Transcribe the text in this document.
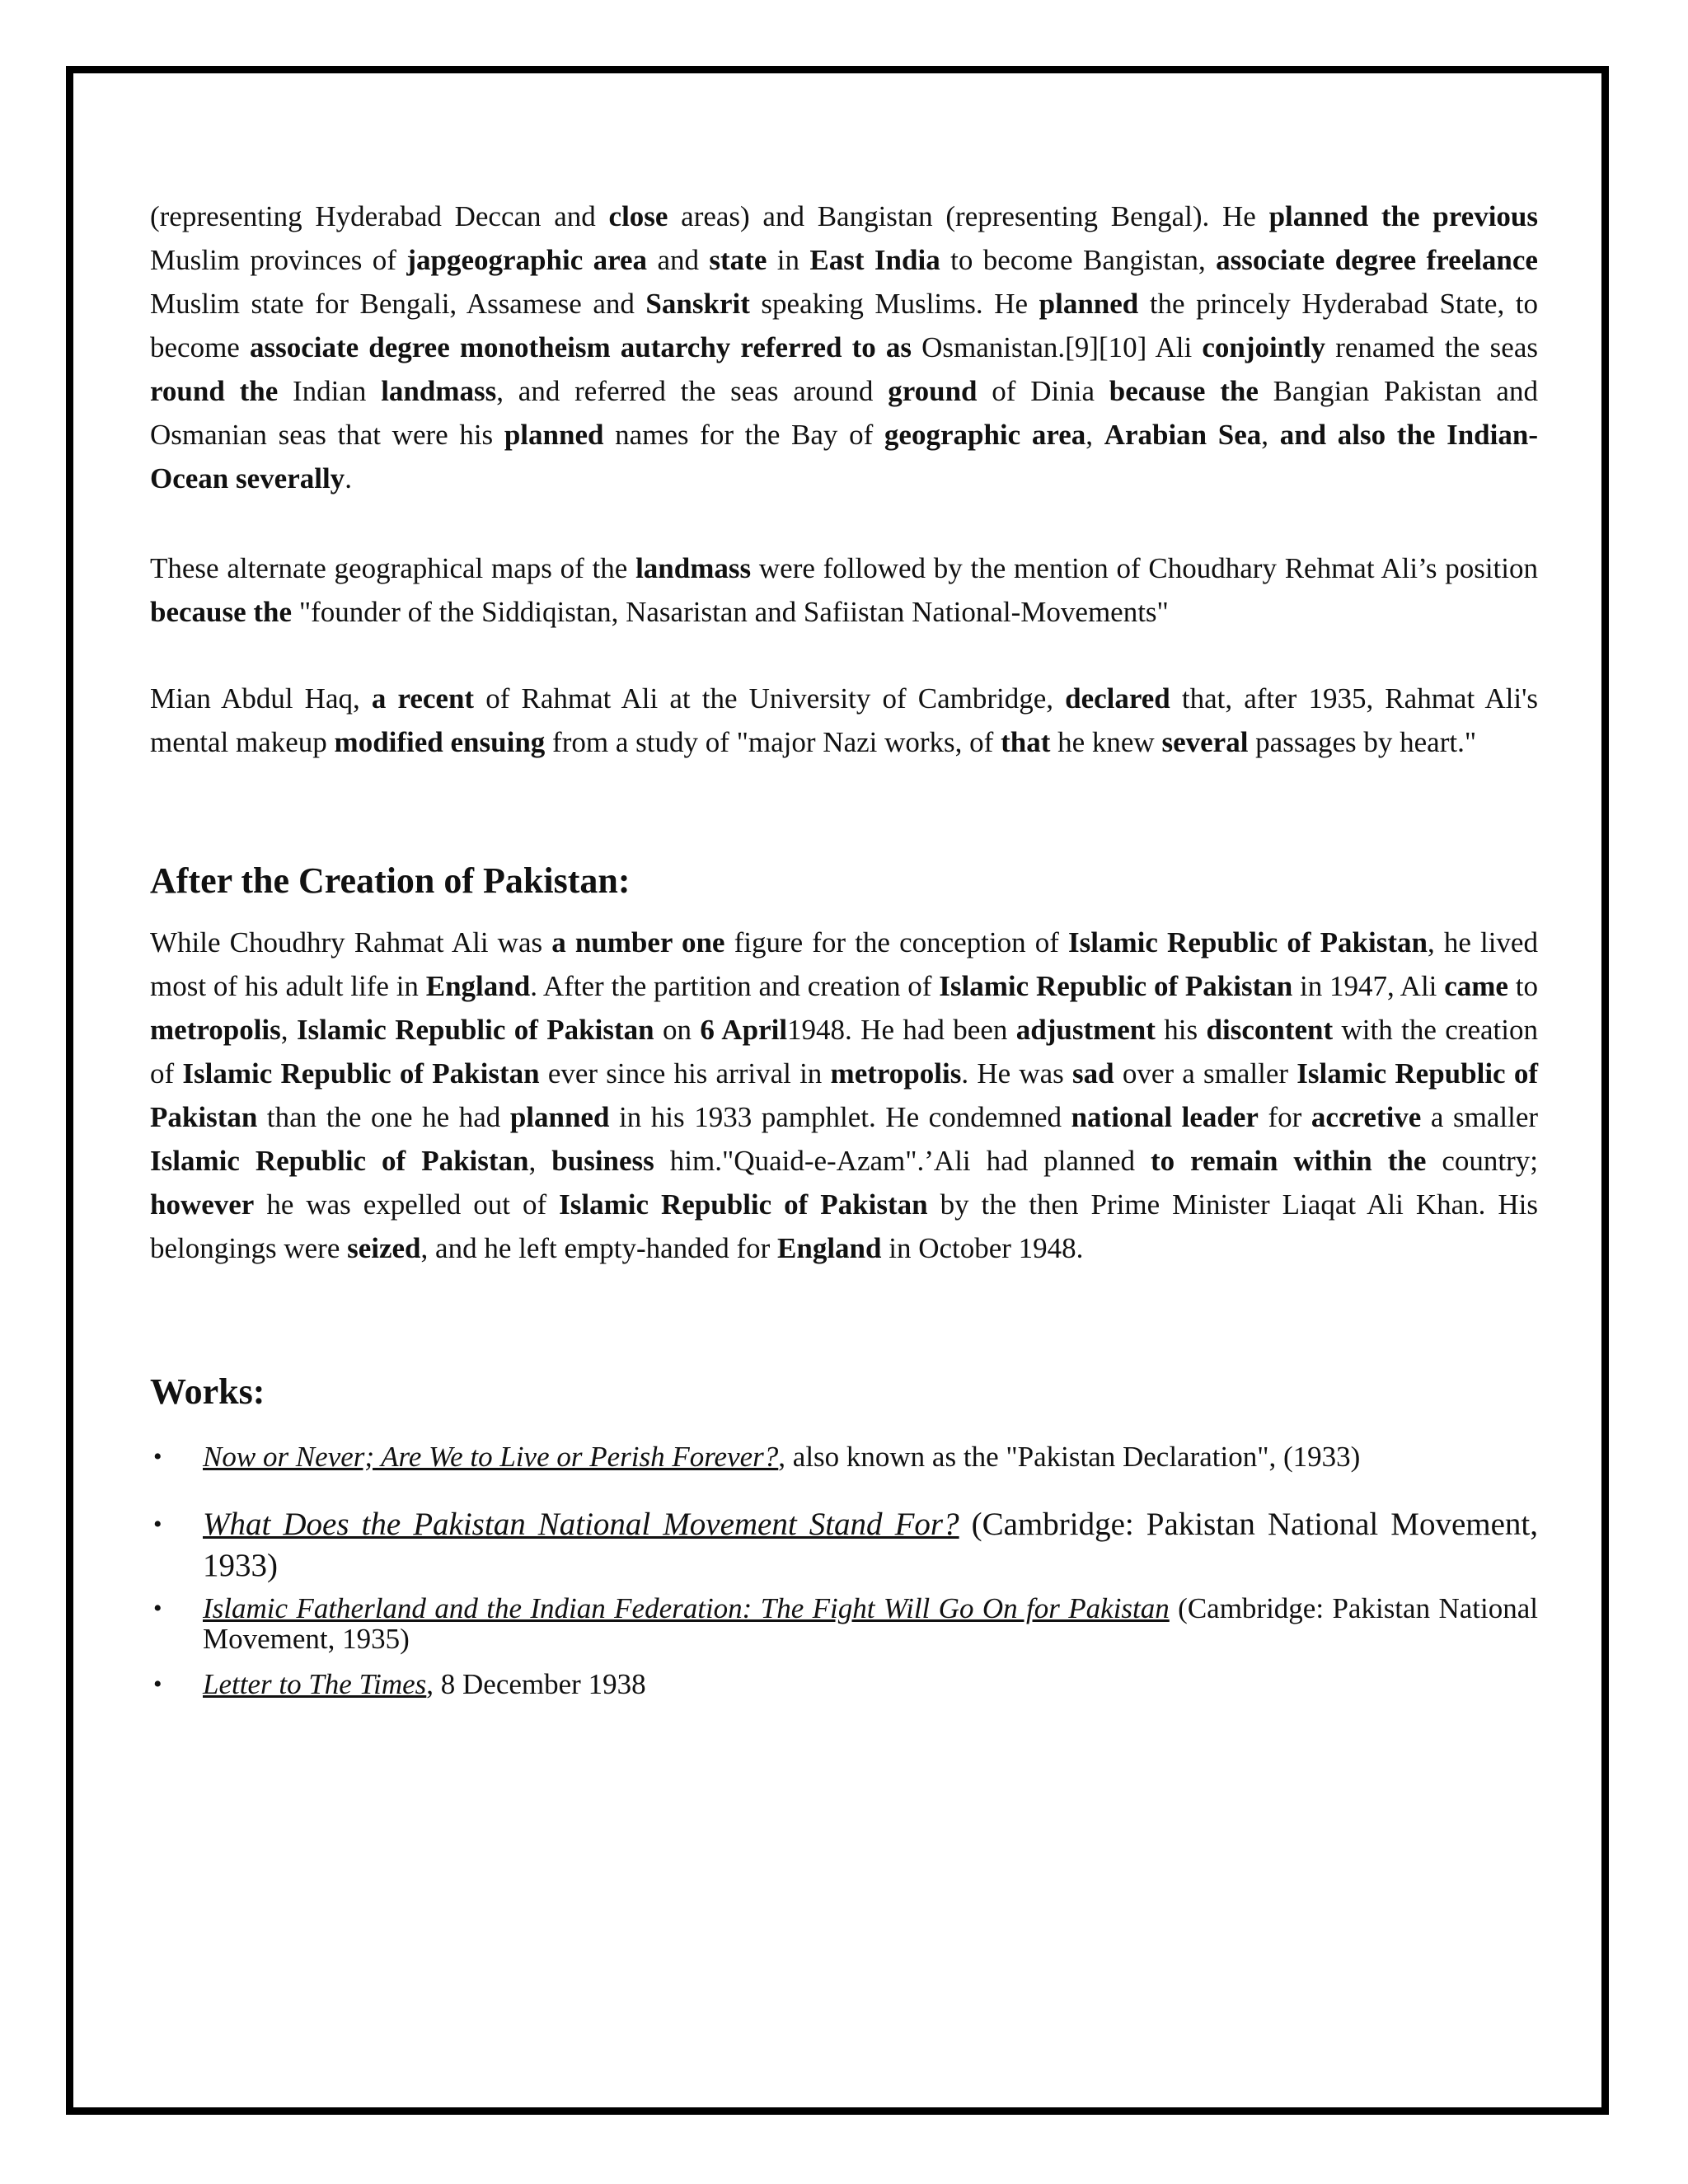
(representing Hyderabad Deccan and close areas) and Bangistan (representing Bengal). He planned the previous Muslim provinces of japgeographic area and state in East India to become Bangistan, associate degree freelance Muslim state for Bengali, Assamese and Sanskrit speaking Muslims. He planned the princely Hyderabad State, to become associate degree monotheism autarchy referred to as Osmanistan.[9][10] Ali conjointly renamed the seas round the Indian landmass, and referred the seas around ground of Dinia because the Bangian Pakistan and Osmanian seas that were his planned names for the Bay of geographic area, Arabian Sea, and also the Indian-Ocean severally.

These alternate geographical maps of the landmass were followed by the mention of Choudhary Rehmat Ali’s position because the "founder of the Siddiqistan, Nasaristan and Safiistan National-Movements"

Mian Abdul Haq, a recent of Rahmat Ali at the University of Cambridge, declared that, after 1935, Rahmat Ali's mental makeup modified ensuing from a study of "major Nazi works, of that he knew several passages by heart."

After the Creation of Pakistan:

While Choudhry Rahmat Ali was a number one figure for the conception of Islamic Republic of Pakistan, he lived most of his adult life in England. After the partition and creation of Islamic Republic of Pakistan in 1947, Ali came to metropolis, Islamic Republic of Pakistan on 6 April1948. He had been adjustment his discontent with the creation of Islamic Republic of Pakistan ever since his arrival in metropolis. He was sad over a smaller Islamic Republic of Pakistan than the one he had planned in his 1933 pamphlet. He condemned national leader for accretive a smaller Islamic Republic of Pakistan, business him."Quaid-e-Azam".’Ali had planned to remain within the country; however he was expelled out of Islamic Republic of Pakistan by the then Prime Minister Liaqat Ali Khan. His belongings were seized, and he left empty-handed for England in October 1948.

Works:
• Now or Never; Are We to Live or Perish Forever?, also known as the "Pakistan Declaration", (1933)
• What Does the Pakistan National Movement Stand For? (Cambridge: Pakistan National Movement, 1933)
• Islamic Fatherland and the Indian Federation: The Fight Will Go On for Pakistan (Cambridge: Pakistan National Movement, 1935)
• Letter to The Times, 8 December 1938
